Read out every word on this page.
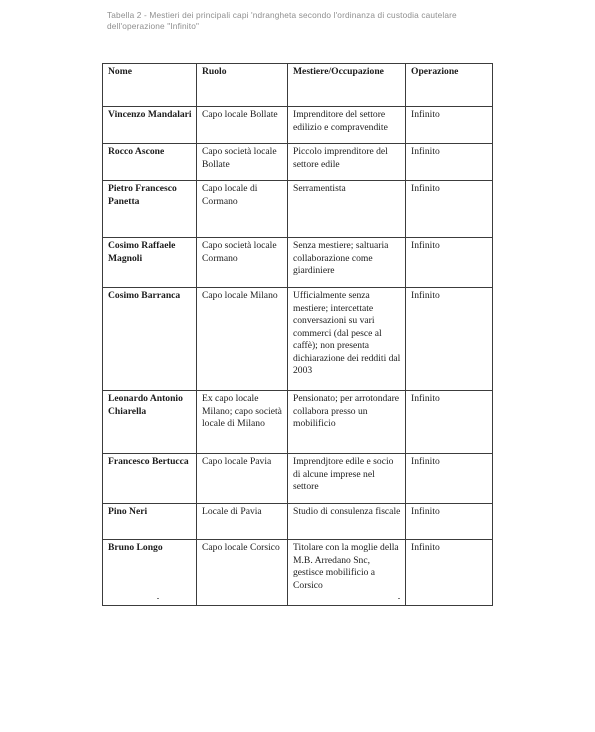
Tabella 2 - Mestieri dei principali capi 'ndrangheta secondo l'ordinanza di custodia cautelare dell'operazione "Infinito"
Nome	Ruolo	Mestiere/Occupazione	Operazione
Vincenzo Mandalari	Capo locale Bollate	Imprenditore del settore edilizio e compravendite	Infinito
Rocco Ascone	Capo società locale Bollate	Piccolo imprenditore del settore edile	Infinito
Pietro Francesco Panetta	Capo locale di Cormano	Serramentista	Infinito
Cosimo Raffaele Magnoli	Capo società locale Cormano	Senza mestiere; saltuaria collaborazione come giardiniere	Infinito
Cosimo Barranca	Capo locale Milano	Ufficialmente senza mestiere; intercettate conversazioni su vari commerci (dal pesce al caffè); non presenta dichiarazione dei redditi dal 2003	Infinito
Leonardo Antonio Chiarella	Ex capo locale Milano; capo società locale di Milano	Pensionato; per arrotondare collabora presso un mobilificio	Infinito
Francesco Bertucca	Capo locale Pavia	Imprendjtore edile e socio di alcune imprese nel settore	Infinito
Pino Neri	Locale di Pavia	Studio di consulenza fiscale	Infinito
Bruno Longo	Capo locale Corsico	Titolare con la moglie della M.B. Arredano Snc, gestisce mobilificio a Corsico	Infinito
